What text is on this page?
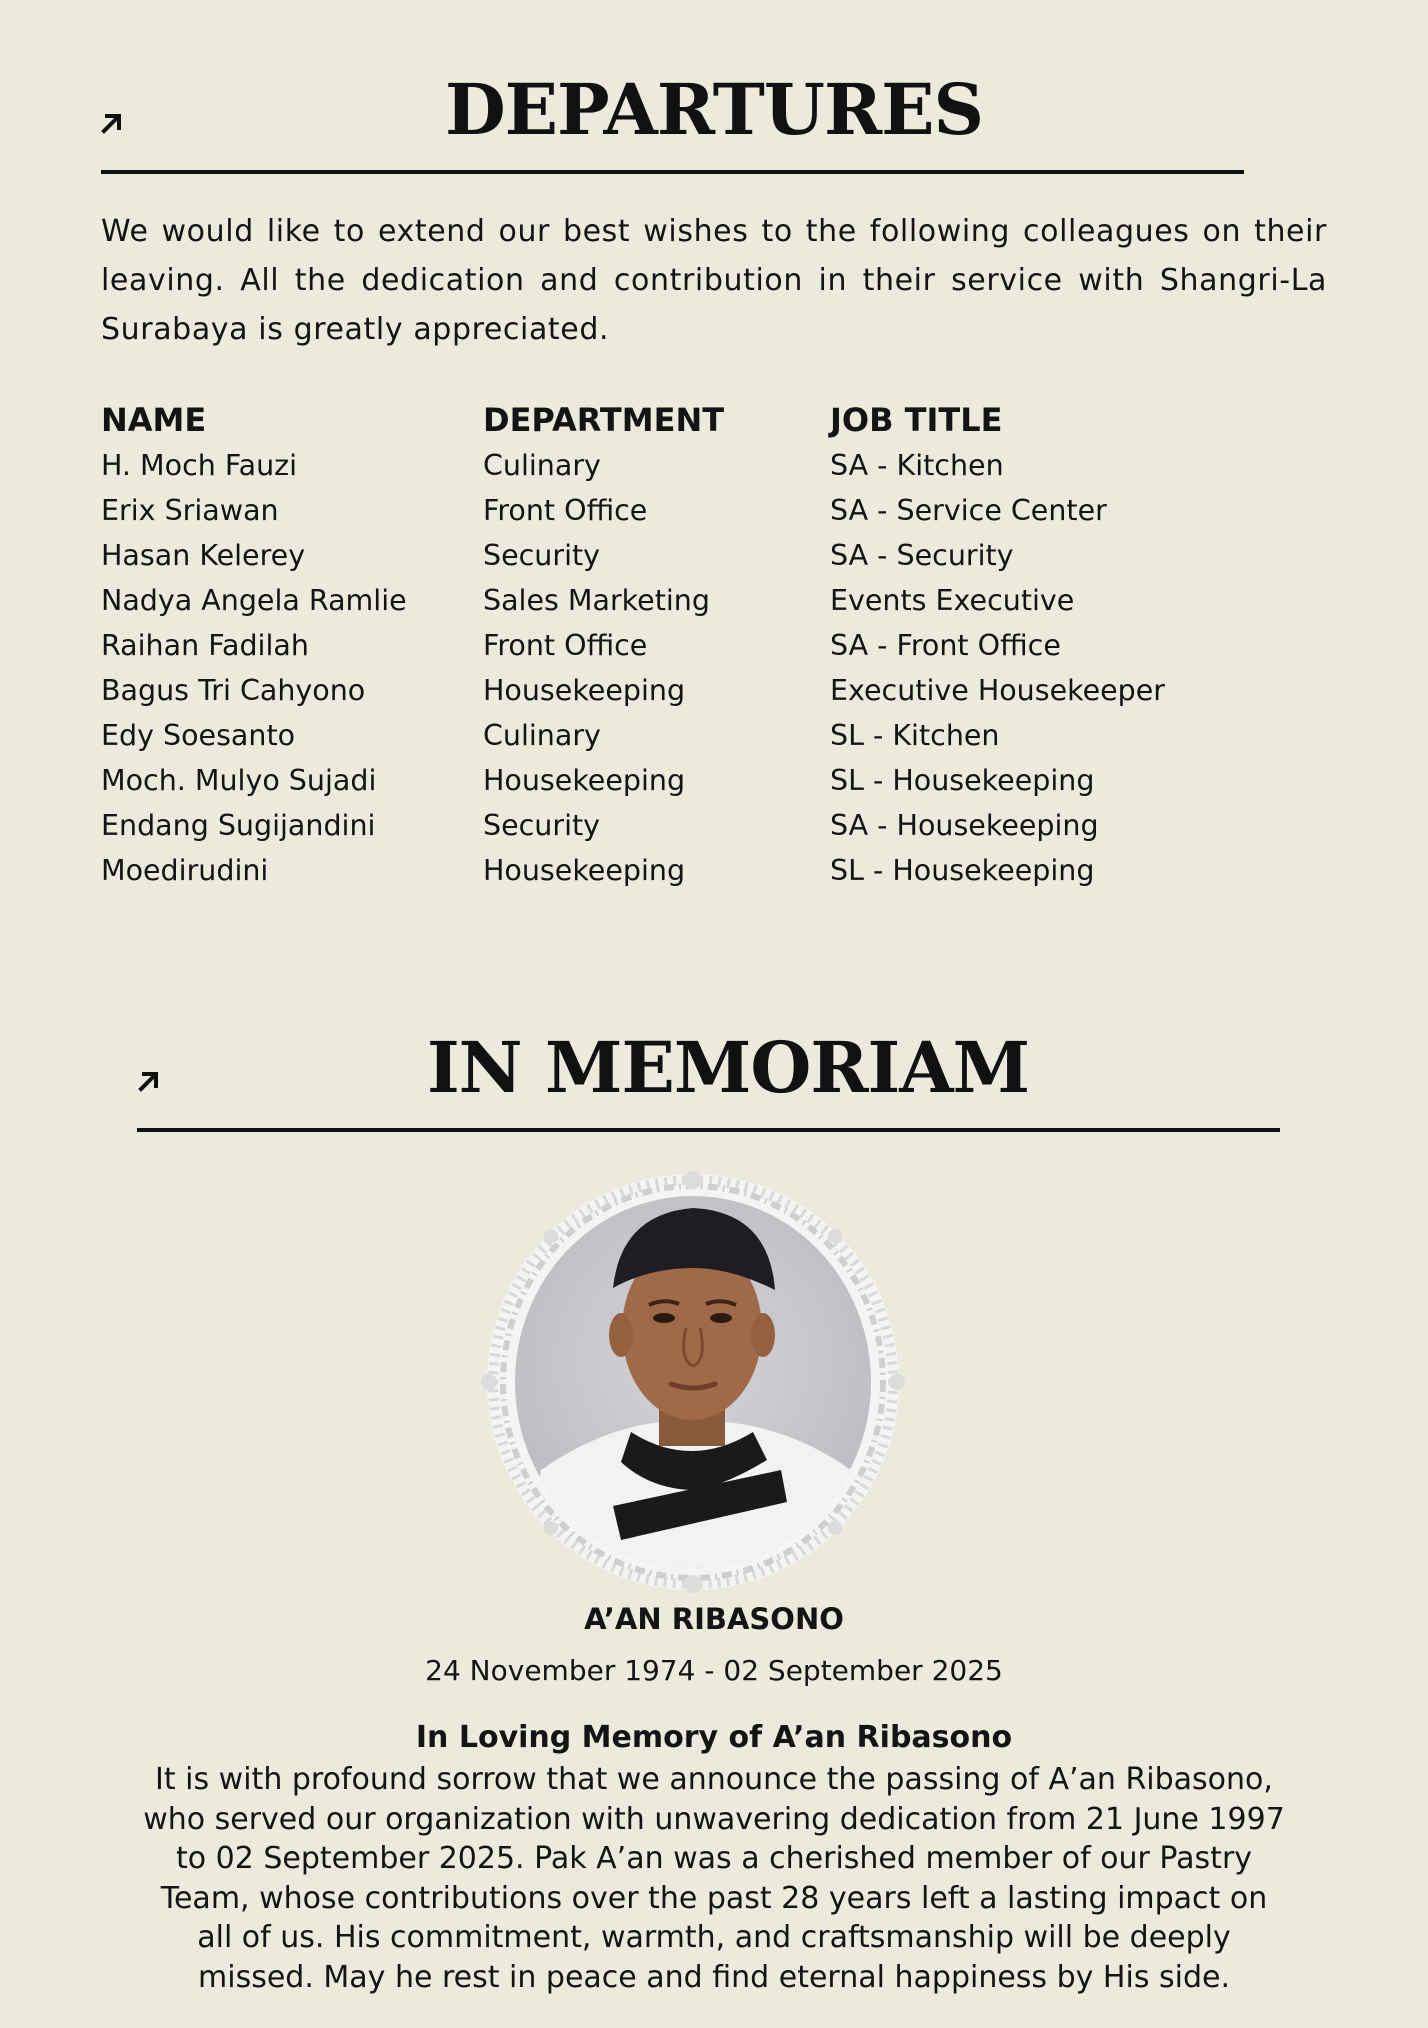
DEPARTURES
We would like to extend our best wishes to the following colleagues on their leaving. All the dedication and contribution in their service with Shangri-La Surabaya is greatly appreciated.
NAME
H. Moch Fauzi
Erix Sriawan
Hasan Kelerey
Nadya Angela Ramlie
Raihan Fadilah
Bagus Tri Cahyono
Edy Soesanto
Moch. Mulyo Sujadi
Endang Sugijandini
Moedirudini
DEPARTMENT
Culinary
Front Office
Security
Sales Marketing
Front Office
Housekeeping
Culinary
Housekeeping
Security
Housekeeping
JOB TITLE
SA - Kitchen
SA - Service Center
SA - Security
Events Executive
SA - Front Office
Executive Housekeeper
SL - Kitchen
SL - Housekeeping
SA - Housekeeping
SL - Housekeeping
IN MEMORIAM
A’AN RIBASONO
24 November 1974 - 02 September 2025
In Loving Memory of A’an Ribasono
It is with profound sorrow that we announce the passing of A’an Ribasono, who served our organization with unwavering dedication from 21 June 1997 to 02 September 2025. Pak A’an was a cherished member of our Pastry Team, whose contributions over the past 28 years left a lasting impact on all of us. His commitment, warmth, and craftsmanship will be deeply missed. May he rest in peace and find eternal happiness by His side.
